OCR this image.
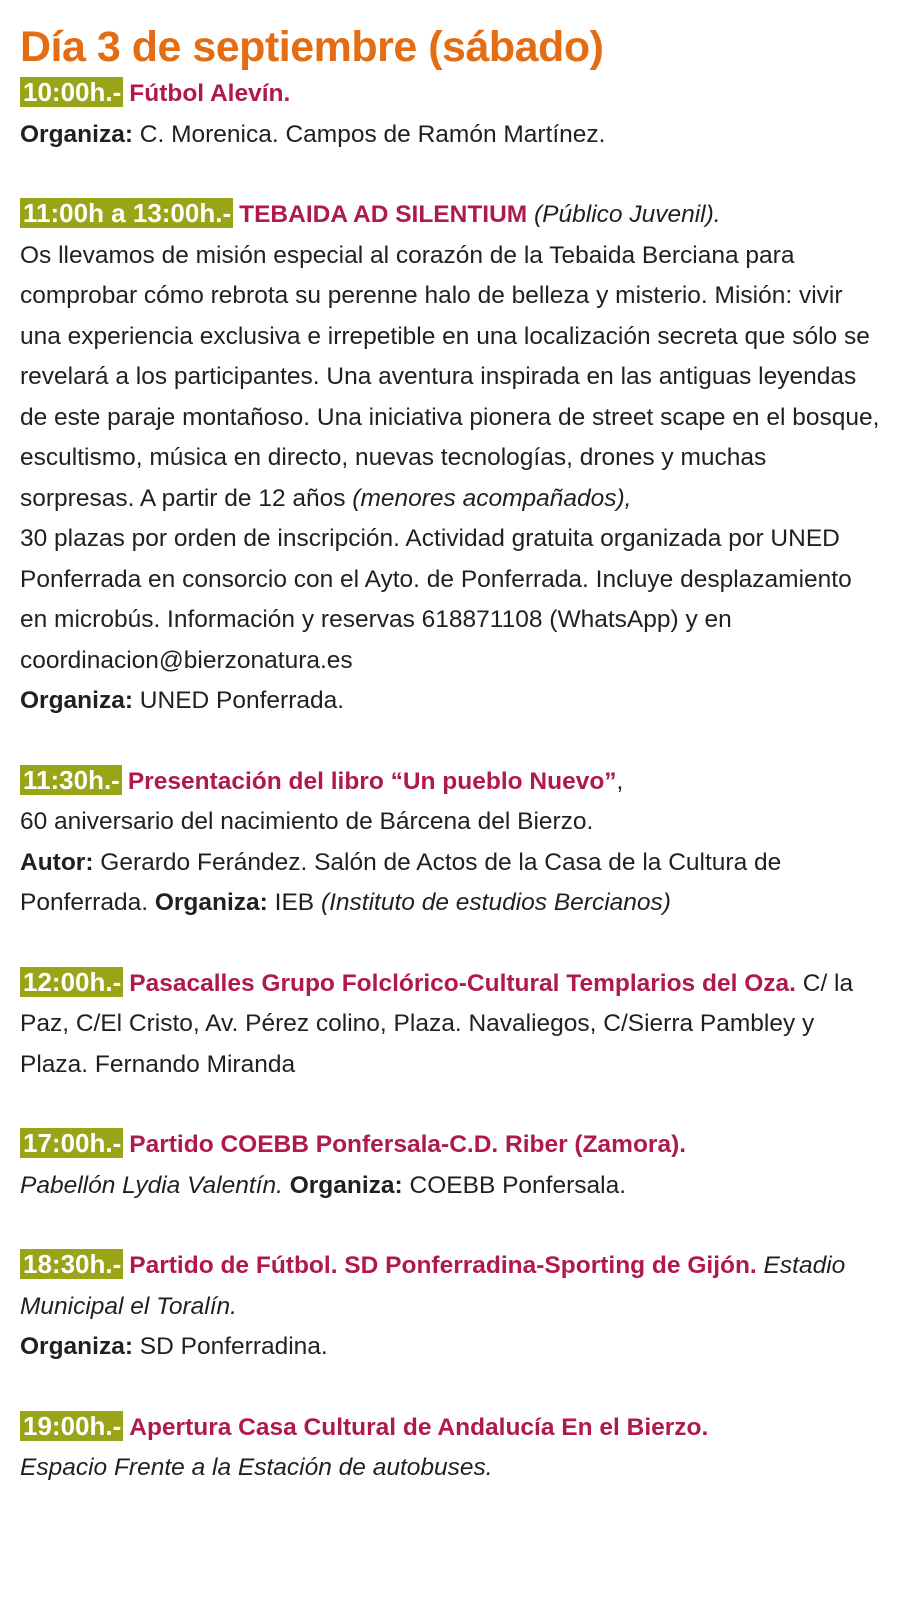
Día 3 de septiembre (sábado)

10:00h.- Fútbol Alevín.

Organiza: C. Morenica. Campos de Ramón Martínez.

11:00h a 13:00h.- TEBAIDA AD SILENTIUM (Público Juvenil).

Os llevamos de misión especial al corazón de la Tebaida Berciana para comprobar cómo rebrota su perenne halo de belleza y misterio. Misión: vivir una experiencia exclusiva e irrepetible en una localización secreta que sólo se revelará a los participantes. Una aventura inspirada en las antiguas leyendas de este paraje montañoso. Una iniciativa pionera de street scape en el bosque, escultismo, música en directo, nuevas tecnologías, drones y muchas sorpresas. A partir de 12 años (menores acompañados),
30 plazas por orden de inscripción. Actividad gratuita organizada por UNED Ponferrada en consorcio con el Ayto. de Ponferrada. Incluye desplazamiento en microbús. Información y reservas 618871108 (WhatsApp) y en coordinacion@bierzonatura.es

Organiza: UNED Ponferrada.

11:30h.- Presentación del libro “Un pueblo Nuevo”,

60 aniversario del nacimiento de Bárcena del Bierzo.

Autor: Gerardo Ferández. Salón de Actos de la Casa de la Cultura de Ponferrada. Organiza: IEB (Instituto de estudios Bercianos)

12:00h.- Pasacalles Grupo Folclórico-Cultural Templarios del Oza. C/ la Paz, C/El Cristo, Av. Pérez colino, Plaza. Navaliegos, C/Sierra Pambley y Plaza. Fernando Miranda

17:00h.- Partido COEBB Ponfersala-C.D. Riber (Zamora).

Pabellón Lydia Valentín. Organiza: COEBB Ponfersala.

18:30h.- Partido de Fútbol. SD Ponferradina-Sporting de Gijón. Estadio Municipal el Toralín.

Organiza: SD Ponferradina.

19:00h.- Apertura Casa Cultural de Andalucía En el Bierzo.

Espacio Frente a la Estación de autobuses.
